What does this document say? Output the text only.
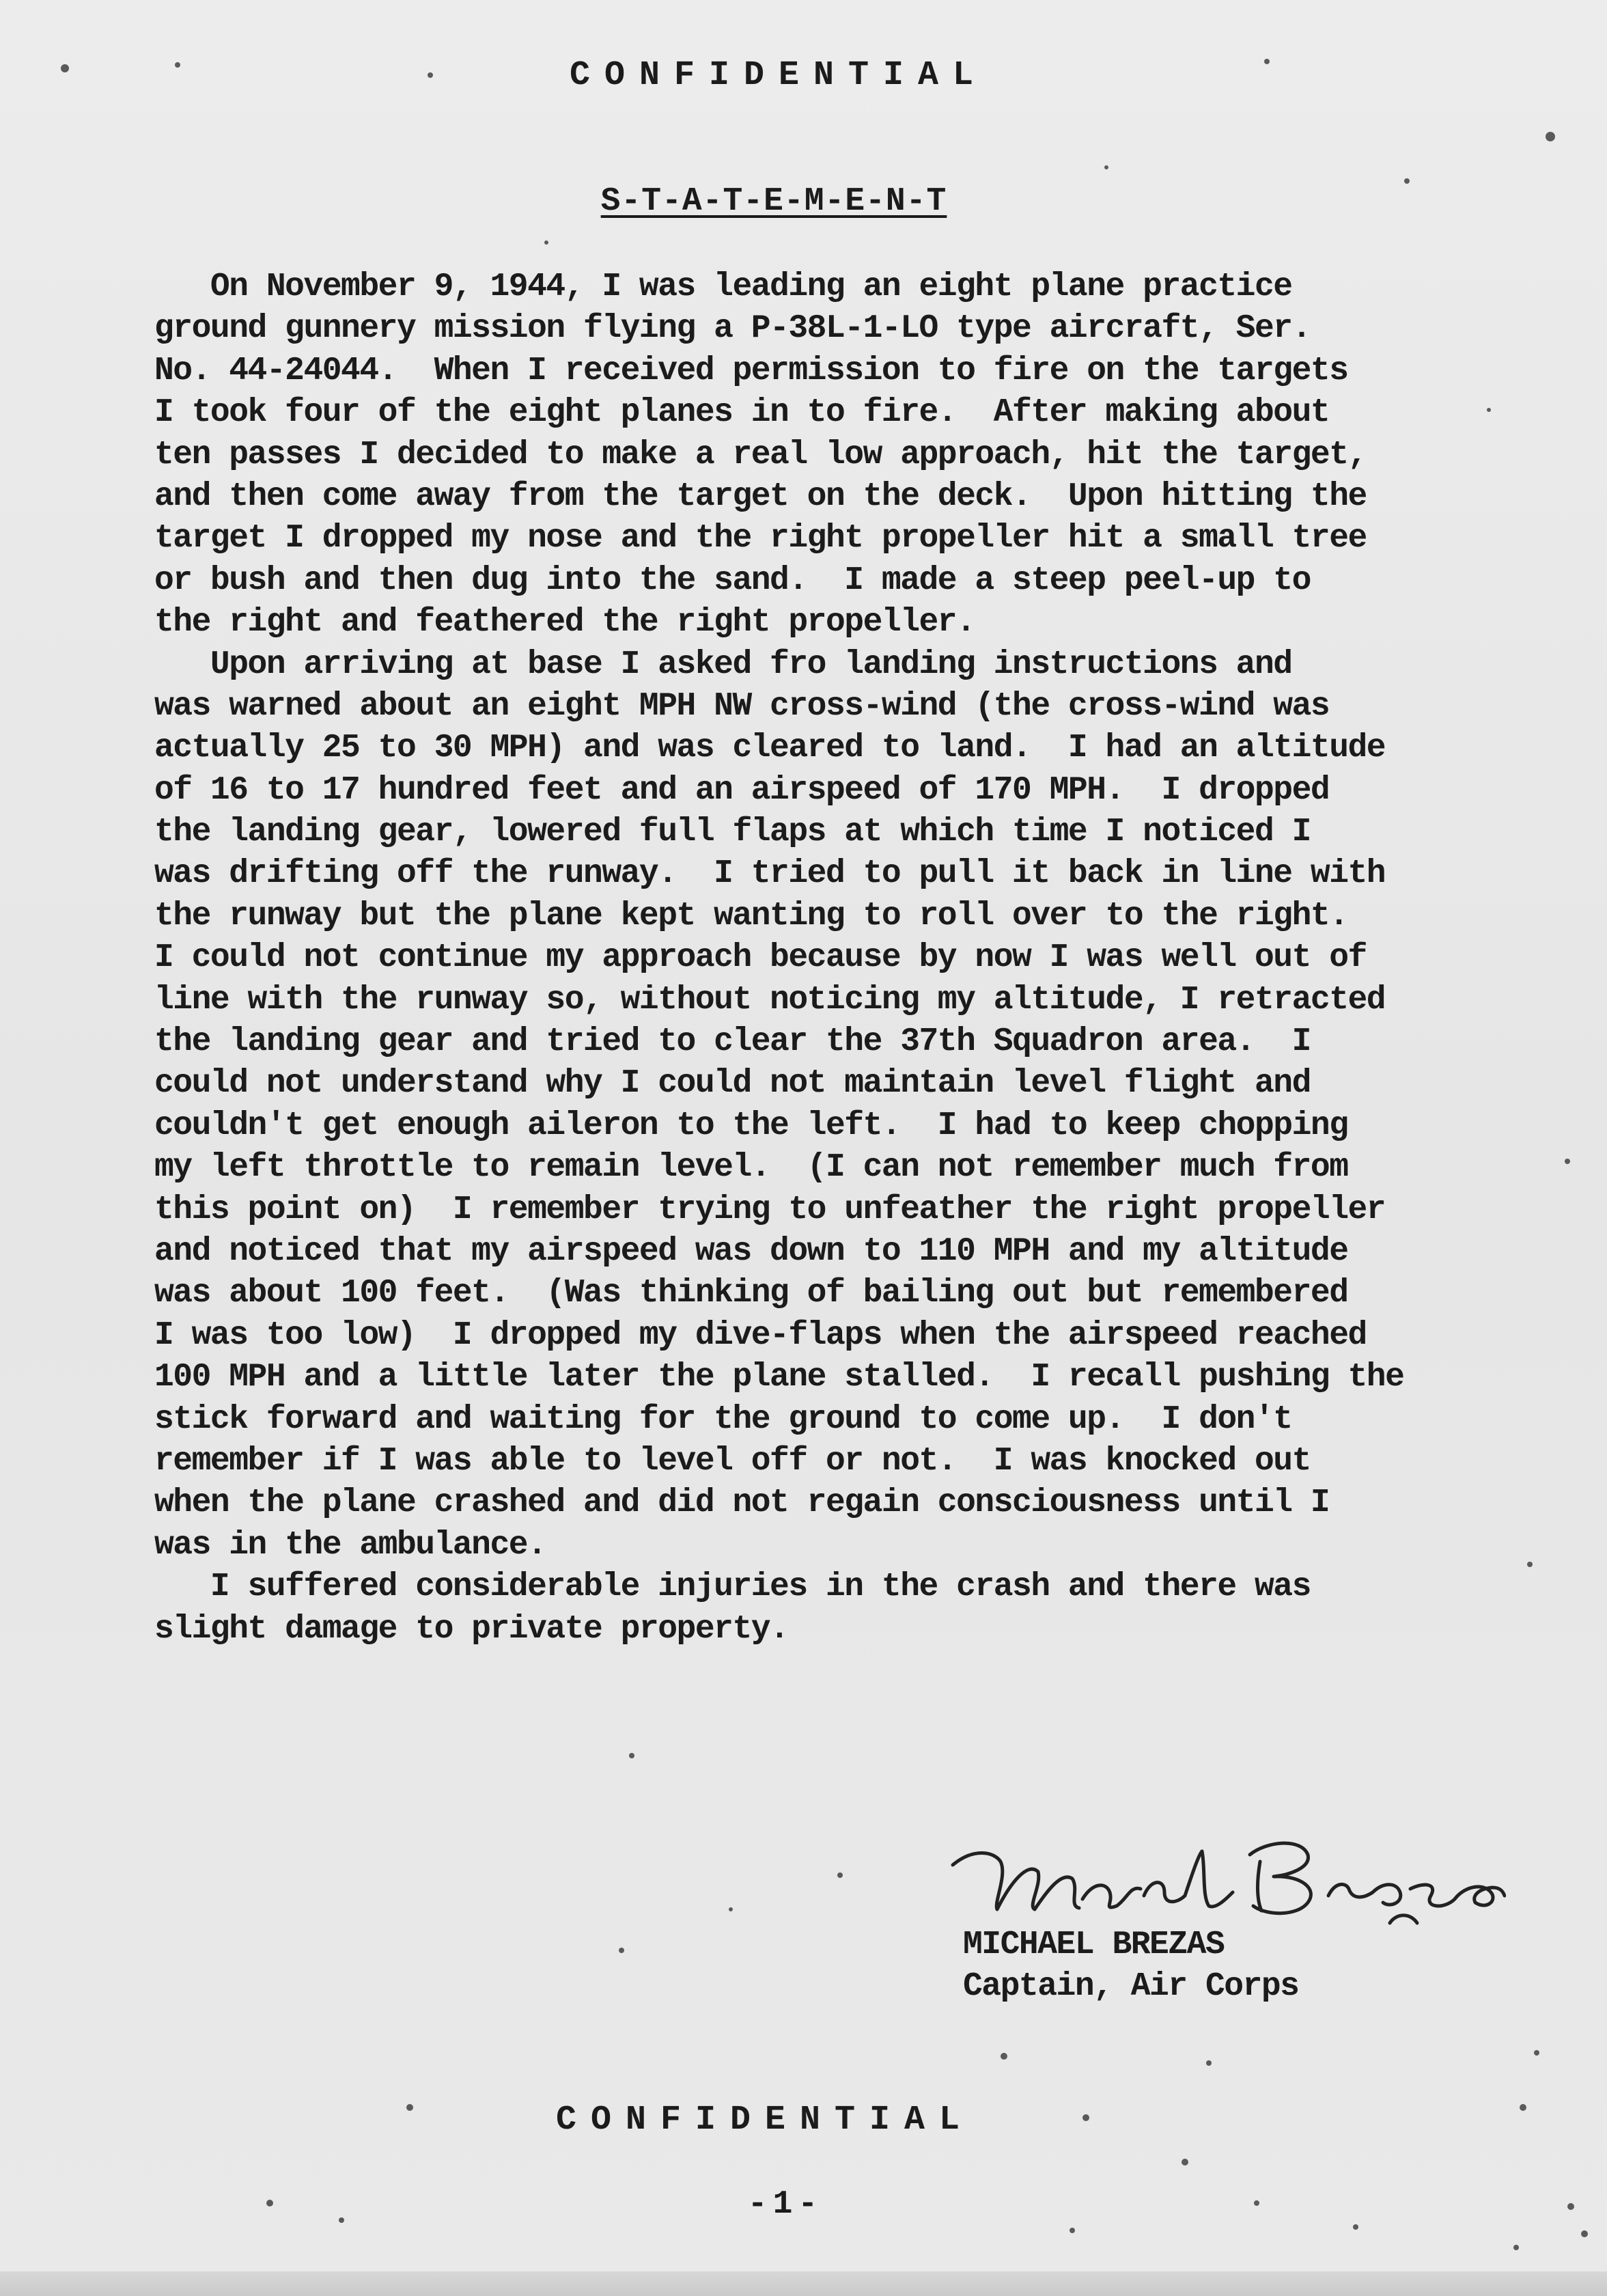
CONFIDENTIAL
S-T-A-T-E-M-E-N-T
On November 9, 1944, I was leading an eight plane practice
ground gunnery mission flying a P-38L-1-LO type aircraft, Ser.
No. 44-24044.  When I received permission to fire on the targets
I took four of the eight planes in to fire.  After making about
ten passes I decided to make a real low approach, hit the target,
and then come away from the target on the deck.  Upon hitting the
target I dropped my nose and the right propeller hit a small tree
or bush and then dug into the sand.  I made a steep peel-up to
the right and feathered the right propeller.
Upon arriving at base I asked fro landing instructions and
was warned about an eight MPH NW cross-wind (the cross-wind was
actually 25 to 30 MPH) and was cleared to land.  I had an altitude
of 16 to 17 hundred feet and an airspeed of 170 MPH.  I dropped
the landing gear, lowered full flaps at which time I noticed I
was drifting off the runway.  I tried to pull it back in line with
the runway but the plane kept wanting to roll over to the right.
I could not continue my approach because by now I was well out of
line with the runway so, without noticing my altitude, I retracted
the landing gear and tried to clear the 37th Squadron area.  I
could not understand why I could not maintain level flight and
couldn't get enough aileron to the left.  I had to keep chopping
my left throttle to remain level.  (I can not remember much from
this point on)  I remember trying to unfeather the right propeller
and noticed that my airspeed was down to 110 MPH and my altitude
was about 100 feet.  (Was thinking of bailing out but remembered
I was too low)  I dropped my dive-flaps when the airspeed reached
100 MPH and a little later the plane stalled.  I recall pushing the
stick forward and waiting for the ground to come up.  I don't
remember if I was able to level off or not.  I was knocked out
when the plane crashed and did not regain consciousness until I
was in the ambulance.
I suffered considerable injuries in the crash and there was
slight damage to private property.
MICHAEL BREZAS
Captain, Air Corps
CONFIDENTIAL
-1-
